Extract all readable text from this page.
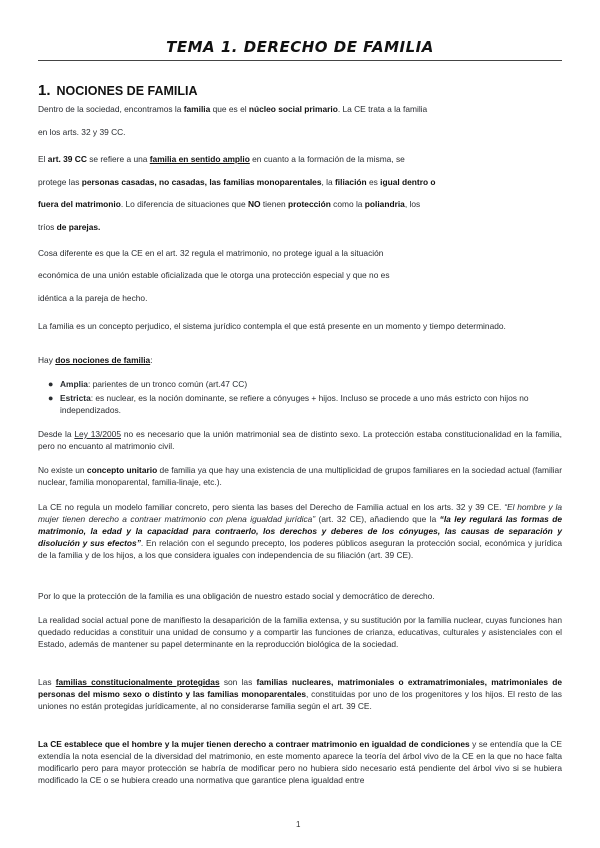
TEMA 1. DERECHO DE FAMILIA
1. NOCIONES DE FAMILIA
Dentro de la sociedad, encontramos la familia que es el núcleo social primario. La CE trata a la familia
en los arts. 32 y 39 CC.
El art. 39 CC se refiere a una familia en sentido amplio en cuanto a la formación de la misma, se
protege las personas casadas, no casadas, las familias monoparentales, la filiación es igual dentro o
fuera del matrimonio. Lo diferencia de situaciones que NO tienen protección como la poliandria, los
tríos de parejas.
Cosa diferente es que la CE en el art. 32 regula el matrimonio, no protege igual a la situación
económica de una unión estable oficializada que le otorga una protección especial y que no es
idéntica a la pareja de hecho.
La familia es un concepto perjudico, el sistema jurídico contempla el que está presente en un momento y tiempo determinado.
Hay dos nociones de familia:
● Amplia: parientes de un tronco común (art.47 CC)
● Estricta: es nuclear, es la noción dominante, se refiere a cónyuges + hijos. Incluso se procede a uno más estricto con hijos no independizados.
Desde la Ley 13/2005 no es necesario que la unión matrimonial sea de distinto sexo. La protección estaba constitucionalidad en la familia, pero no encuanto al matrimonio civil.
No existe un concepto unitario de familia ya que hay una existencia de una multiplicidad de grupos familiares en la sociedad actual (familiar nuclear, familia monoparental, familia-linaje, etc.).
La CE no regula un modelo familiar concreto, pero sienta las bases del Derecho de Familia actual en los arts. 32 y 39 CE. “El hombre y la mujer tienen derecho a contraer matrimonio con plena igualdad jurídica” (art. 32 CE), añadiendo que la “la ley regulará las formas de matrimonio, la edad y la capacidad para contraerlo, los derechos y deberes de los cónyuges, las causas de separación y disolución y sus efectos”. En relación con el segundo precepto, los poderes públicos aseguran la protección social, económica y jurídica de la familia y de los hijos, a los que considera iguales con independencia de su filiación (art. 39 CE).
Por lo que la protección de la familia es una obligación de nuestro estado social y democrático de derecho.
La realidad social actual pone de manifiesto la desaparición de la familia extensa, y su sustitución por la familia nuclear, cuyas funciones han quedado reducidas a constituir una unidad de consumo y a compartir las funciones de crianza, educativas, culturales y asistenciales con el Estado, además de mantener su papel determinante en la reproducción biológica de la sociedad.
Las familias constitucionalmente protegidas son las familias nucleares, matrimoniales o extramatrimoniales, matrimoniales de personas del mismo sexo o distinto y las familias monoparentales, constituidas por uno de los progenitores y los hijos. El resto de las uniones no están protegidas jurídicamente, al no considerarse familia según el art. 39 CE.
La CE establece que el hombre y la mujer tienen derecho a contraer matrimonio en igualdad de condiciones y se entendía que la CE extendía la nota esencial de la diversidad del matrimonio, en este momento aparece la teoría del árbol vivo de la CE en la que no hace falta modificarlo pero para mayor protección se habría de modificar pero no hubiera sido necesario está pendiente del árbol vivo si se hubiera modificado la CE o se hubiera creado una normativa que garantice plena igualdad entre
1
